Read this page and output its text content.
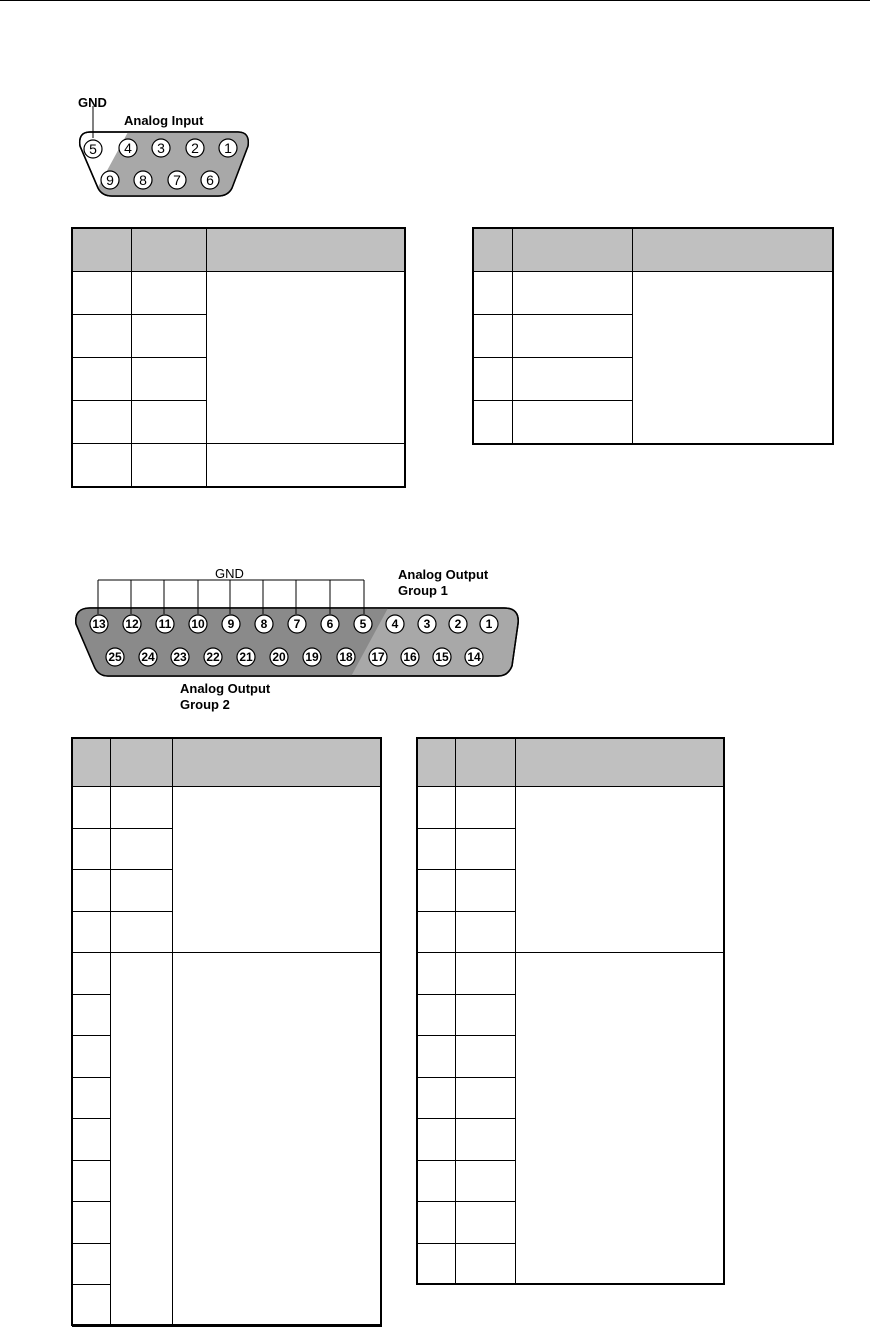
5 4 3 2 1
9 8 7 6
GND
Analog Input

13 12 11 10 9 8 7 6 5 4 3 2 1
25 24 23 22 21 20 19 18 17 16 15 14
GND	Analog Output
Group 1
Analog Output
Group 2
